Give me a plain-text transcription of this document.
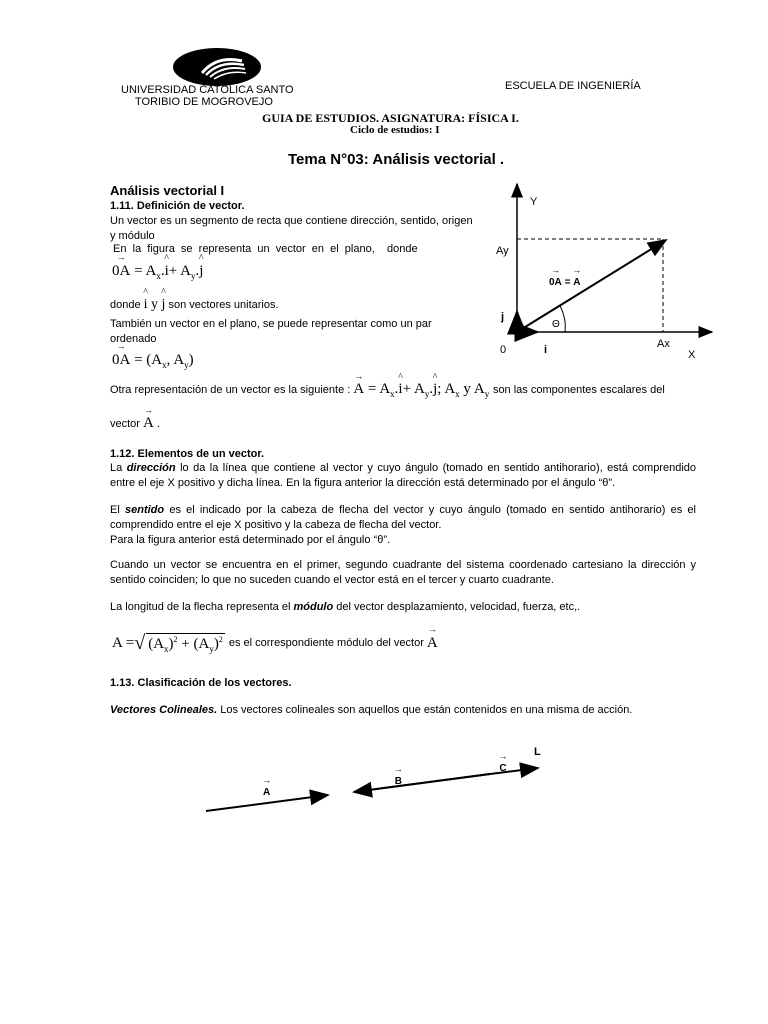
UNIVERSIDAD CATÓLICA SANTO
TORIBIO DE MOGROVEJO
ESCUELA DE INGENIERÍA
GUIA DE ESTUDIOS. ASIGNATURA: FÍSICA I.
Ciclo de estudios: I
Tema N°03: Análisis vectorial .
Análisis vectorial I
1.11. Definición de vector.
Un vector es un segmento de recta que contiene dirección, sentido, origen y módulo
En  la  figura  se  representa  un  vector  en  el  plano,    donde
→ $0A = A_x.\^{}$ $i+ A_y.\^{}$ j
donde ^ i y ^ j son vectores unitarios.
También un vector en el plano, se puede representar como un par ordenado
→ $0A = (A_x$, $A_y$)
Y
Ay
→ 0A = → A
j
Θ
0	i	Ax
X
Otra representación de un vector es la siguiente : → $A = A_x.\^{}$ $i+ A_y.\^{}$ j; $A_x$ y $A_y$ son las componentes escalares del
vector → A .
1.12. Elementos de un vector.
La dirección lo da la línea que contiene al vector y cuyo ángulo (tomado en sentido antihorario), está comprendido entre el eje X positivo y dicha línea. En la figura anterior la dirección está determinado por el ángulo “θ”.
El sentido es el indicado por la cabeza de flecha del vector y cuyo ángulo (tomado en sentido antihorario) es el comprendido entre el eje X positivo y la cabeza de flecha del vector.
Para la figura anterior está determinado por el ángulo “θ”.
Cuando un vector se encuentra en el primer, segundo cuadrante del sistema coordenado cartesiano la dirección y sentido coinciden; lo que no suceden cuando el vector está en el tercer y cuarto cuadrante.
La longitud de la flecha representa el módulo del vector desplazamiento, velocidad, fuerza, etc,.
A = √ $(A_x)^2 + (A_y)^2$ es el correspondiente módulo del vector
→ A
1.13. Clasificación de los vectores.
Vectores Colineales. Los vectores colineales son aquellos que están contenidos en una misma de acción.
L
→ A → B → C
